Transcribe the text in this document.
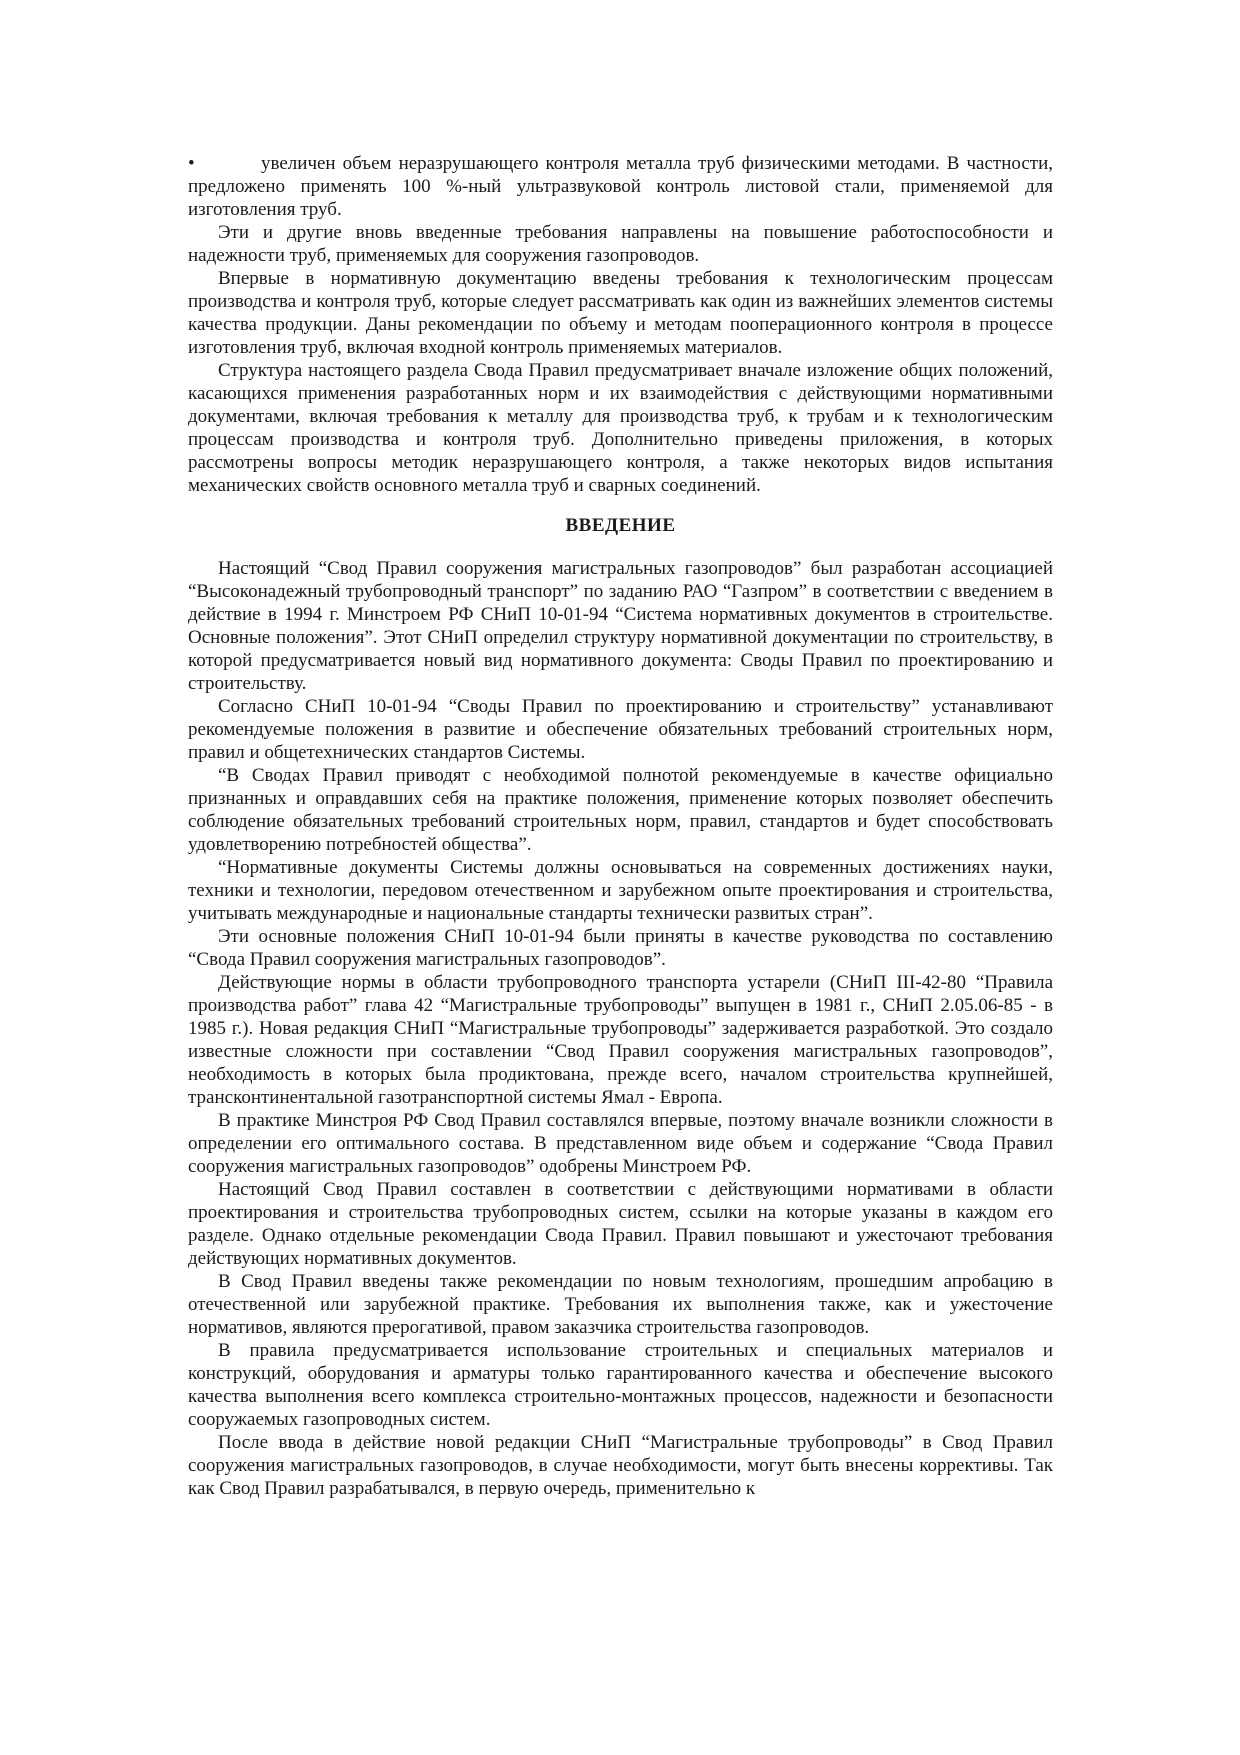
•	увеличен объем неразрушающего контроля металла труб физическими методами. В частности, предложено применять 100 %-ный ультразвуковой контроль листовой стали, применяемой для изготовления труб.

Эти и другие вновь введенные требования направлены на повышение работоспособности и надежности труб, применяемых для сооружения газопроводов.

Впервые в нормативную документацию введены требования к технологическим процессам производства и контроля труб, которые следует рассматривать как один из важнейших элементов системы качества продукции. Даны рекомендации по объему и методам пооперационного контроля в процессе изготовления труб, включая входной контроль применяемых материалов.

Структура настоящего раздела Свода Правил предусматривает вначале изложение общих положений, касающихся применения разработанных норм и их взаимодействия с действующими нормативными документами, включая требования к металлу для производства труб, к трубам и к технологическим процессам производства и контроля труб. Дополнительно приведены приложения, в которых рассмотрены вопросы методик неразрушающего контроля, а также некоторых видов испытания механических свойств основного металла труб и сварных соединений.

ВВЕДЕНИЕ

Настоящий “Свод Правил сооружения магистральных газопроводов” был разработан ассоциацией “Высоконадежный трубопроводный транспорт” по заданию РАО “Газпром” в соответствии с введением в действие в 1994 г. Минстроем РФ СНиП 10-01-94 “Система нормативных документов в строительстве. Основные положения”. Этот СНиП определил структуру нормативной документации по строительству, в которой предусматривается новый вид нормативного документа: Своды Правил по проектированию и строительству.

Согласно СНиП 10-01-94 “Своды Правил по проектированию и строительству” устанавливают рекомендуемые положения в развитие и обеспечение обязательных требований строительных норм, правил и общетехнических стандартов Системы.

“В Сводах Правил приводят с необходимой полнотой рекомендуемые в качестве официально признанных и оправдавших себя на практике положения, применение которых позволяет обеспечить соблюдение обязательных требований строительных норм, правил, стандартов и будет способствовать удовлетворению потребностей общества”.

“Нормативные документы Системы должны основываться на современных достижениях науки, техники и технологии, передовом отечественном и зарубежном опыте проектирования и строительства, учитывать международные и национальные стандарты технически развитых стран”.

Эти основные положения СНиП 10-01-94 были приняты в качестве руководства по составлению “Свода Правил сооружения магистральных газопроводов”.

Действующие нормы в области трубопроводного транспорта устарели (СНиП III-42-80 “Правила производства работ” глава 42 “Магистральные трубопроводы” выпущен в 1981 г., СНиП 2.05.06-85 - в 1985 г.). Новая редакция СНиП “Магистральные трубопроводы” задерживается разработкой. Это создало известные сложности при составлении “Свод Правил сооружения магистральных газопроводов”, необходимость в которых была продиктована, прежде всего, началом строительства крупнейшей, трансконтинентальной газотранспортной системы Ямал - Европа.

В практике Минстроя РФ Свод Правил составлялся впервые, поэтому вначале возникли сложности в определении его оптимального состава. В представленном виде объем и содержание “Свода Правил сооружения магистральных газопроводов” одобрены Минстроем РФ.

Настоящий Свод Правил составлен в соответствии с действующими нормативами в области проектирования и строительства трубопроводных систем, ссылки на которые указаны в каждом его разделе. Однако отдельные рекомендации Свода Правил. Правил повышают и ужесточают требования действующих нормативных документов.

В Свод Правил введены также рекомендации по новым технологиям, прошедшим апробацию в отечественной или зарубежной практике. Требования их выполнения также, как и ужесточение нормативов, являются прерогативой, правом заказчика строительства газопроводов.

В правила предусматривается использование строительных и специальных материалов и конструкций, оборудования и арматуры только гарантированного качества и обеспечение высокого качества выполнения всего комплекса строительно-монтажных процессов, надежности и безопасности сооружаемых газопроводных систем.

После ввода в действие новой редакции СНиП “Магистральные трубопроводы” в Свод Правил сооружения магистральных газопроводов, в случае необходимости, могут быть внесены коррективы. Так как Свод Правил разрабатывался, в первую очередь, применительно к
